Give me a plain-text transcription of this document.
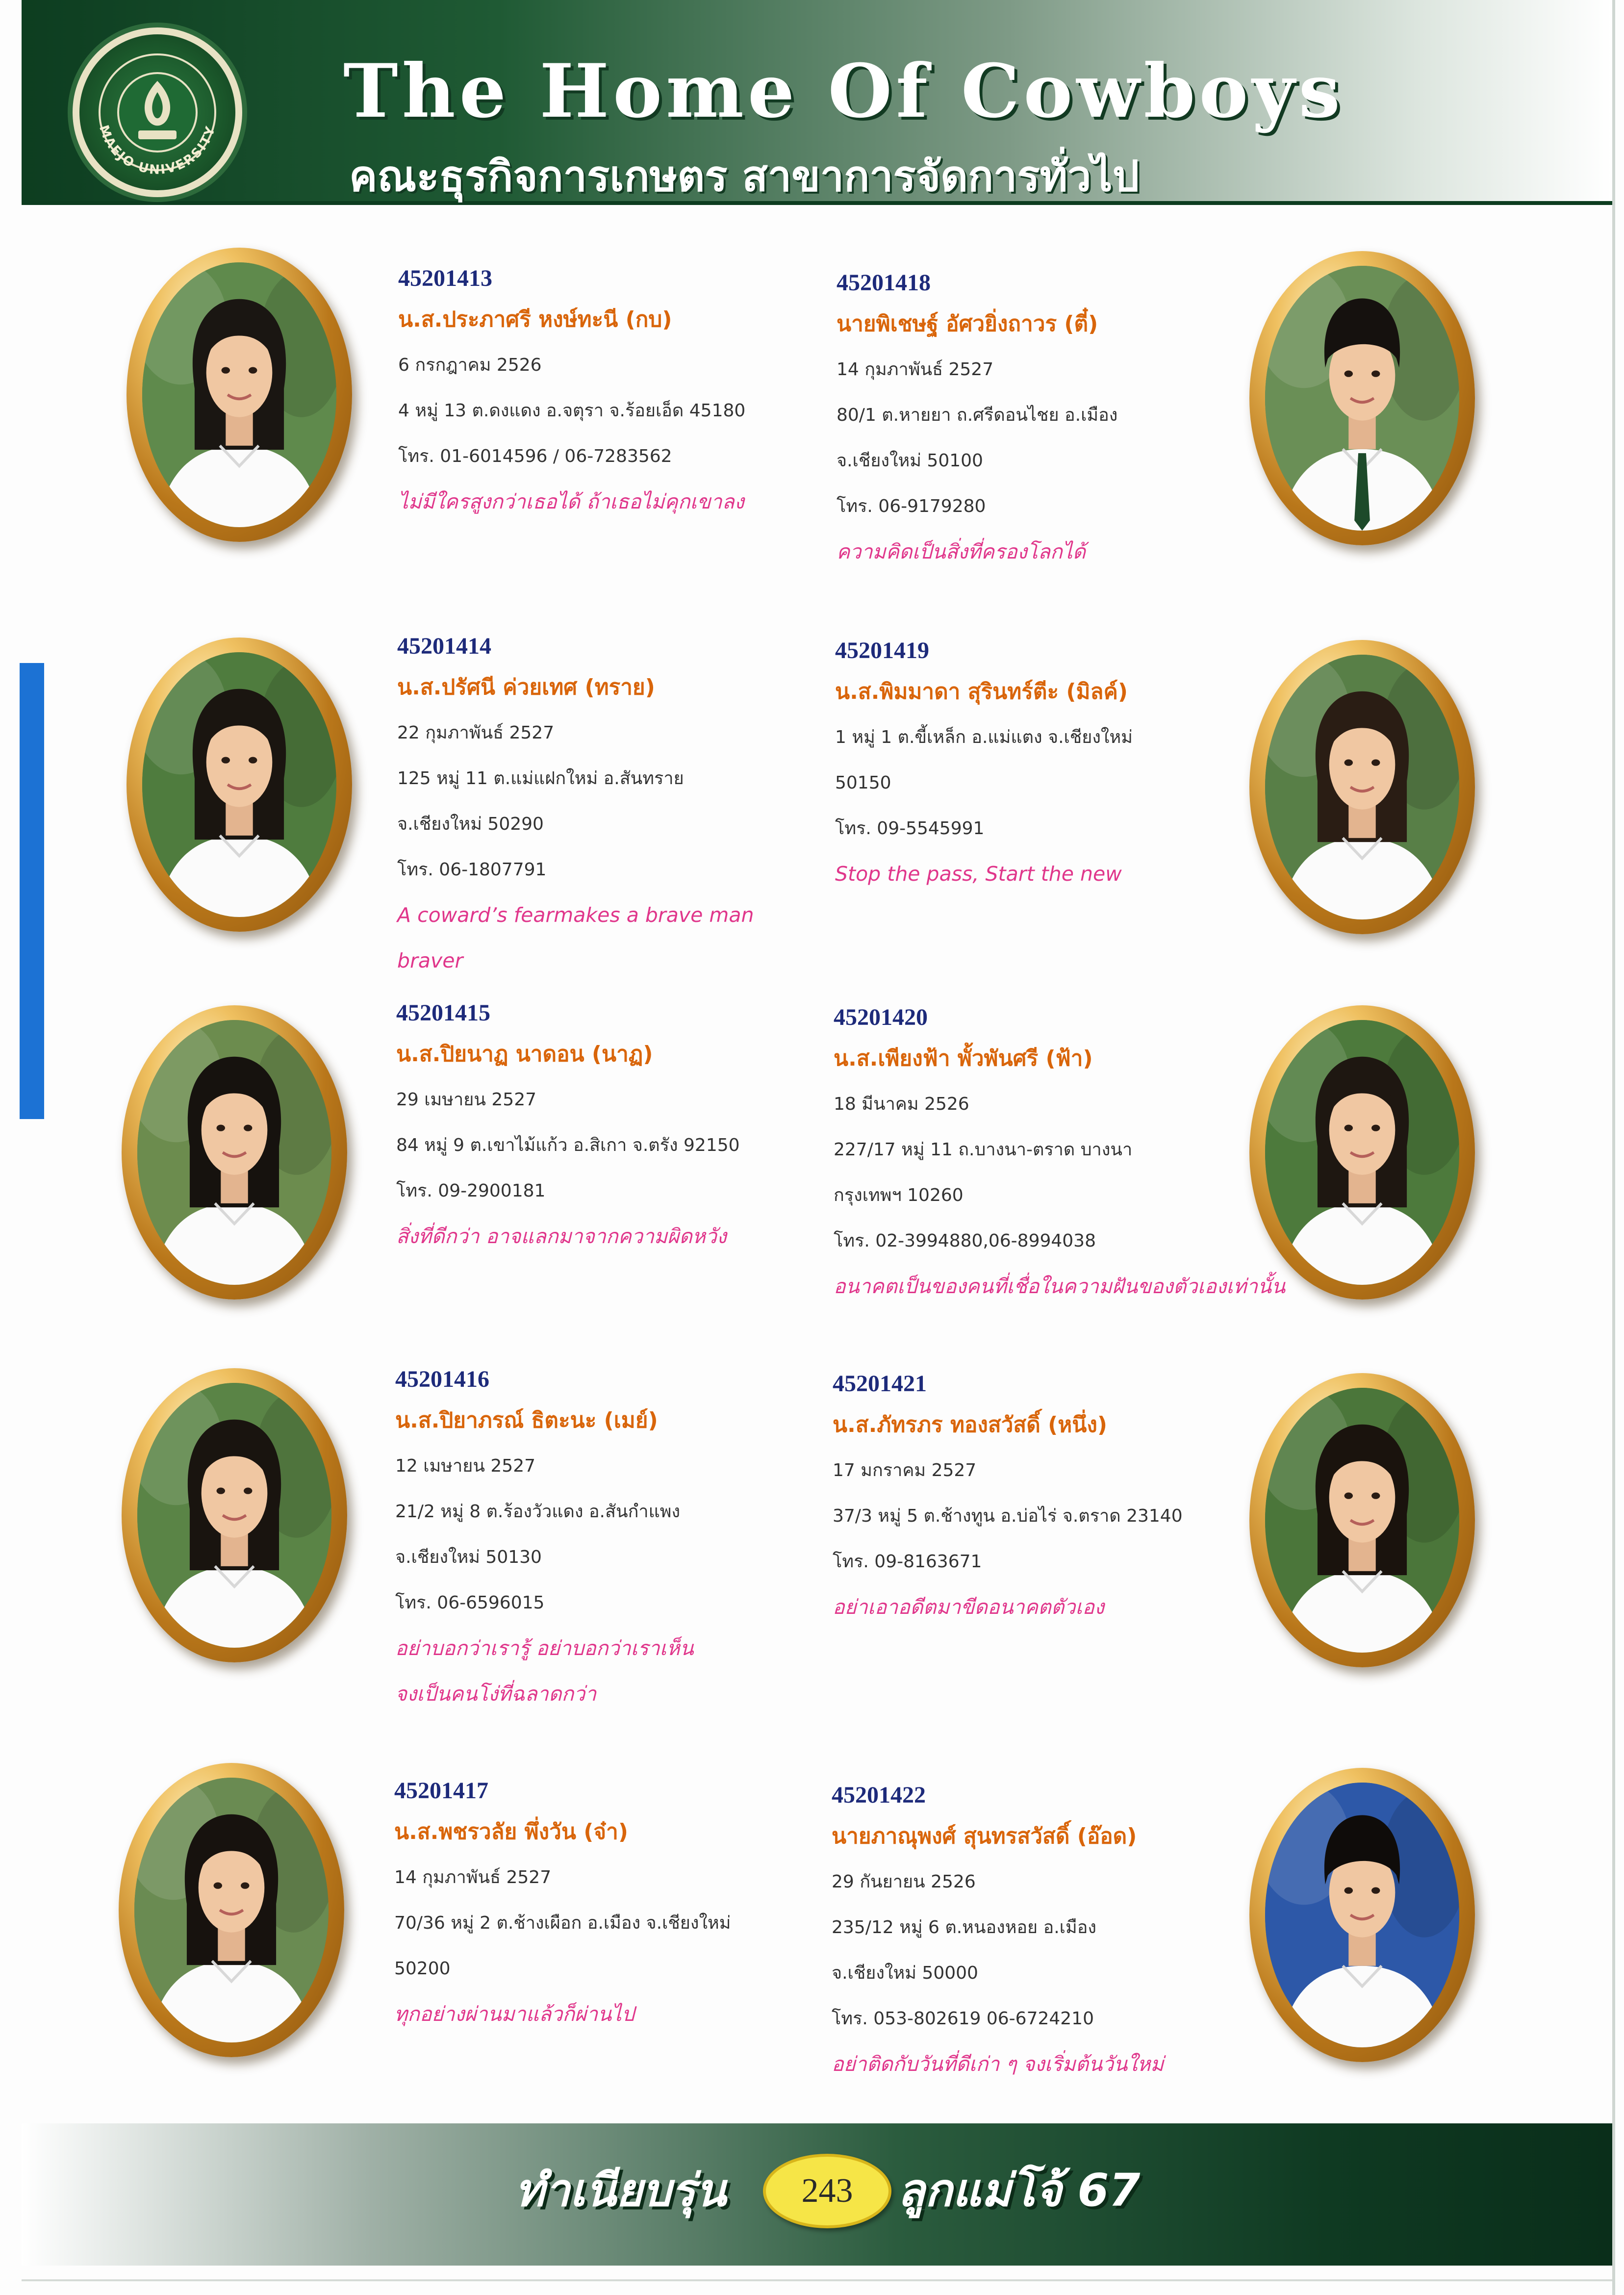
MAEJO UNIVERSITY The Home Of Cowboys
คณะธุรกิจการเกษตร สาขาการจัดการทั่วไป
45201413
น.ส.ประภาศรี หงษ์ทะนี (กบ)
6 กรกฎาคม 2526
4 หมู่ 13 ต.ดงแดง อ.จตุรา จ.ร้อยเอ็ด 45180
โทร. 01-6014596 / 06-7283562
ไม่มีใครสูงกว่าเธอได้ ถ้าเธอไม่คุกเขาลง
45201418
นายพิเชษฐ์ อัศวยิ่งถาวร (ตี๋)
14 กุมภาพันธ์ 2527
80/1 ต.หายยา ถ.ศรีดอนไชย อ.เมือง
จ.เชียงใหม่ 50100
โทร. 06-9179280
ความคิดเป็นสิ่งที่ครองโลกได้
45201414
น.ส.ปรัศนี ค่วยเทศ (ทราย)
22 กุมภาพันธ์ 2527
125 หมู่ 11 ต.แม่แฝกใหม่ อ.สันทราย
จ.เชียงใหม่ 50290
โทร. 06-1807791
A coward’s fearmakes a brave man
braver
45201419
น.ส.พิมมาดา สุรินทร์ตีะ (มิลค์)
1 หมู่ 1 ต.ขี้เหล็ก อ.แม่แตง จ.เชียงใหม่
50150
โทร. 09-5545991
Stop the pass, Start the new
45201415
น.ส.ปิยนาฏ นาดอน (นาฏ)
29 เมษายน 2527
84 หมู่ 9 ต.เขาไม้แก้ว อ.สิเกา จ.ตรัง 92150
โทร. 09-2900181
สิ่งที่ดีกว่า อาจแลกมาจากความผิดหวัง
45201420
น.ส.เพียงฟ้า พั้วพันศรี (ฟ้า)
18 มีนาคม 2526
227/17 หมู่ 11 ถ.บางนา-ตราด บางนา
กรุงเทพฯ 10260
โทร. 02-3994880,06-8994038
อนาคตเป็นของคนที่เชื่อในความฝันของตัวเองเท่านั้น
45201416
น.ส.ปิยาภรณ์ ธิตะนะ (เมย์)
12 เมษายน 2527
21/2 หมู่ 8 ต.ร้องวัวแดง อ.สันกำแพง
จ.เชียงใหม่ 50130
โทร. 06-6596015
อย่าบอกว่าเรารู้ อย่าบอกว่าเราเห็น
จงเป็นคนโง่ที่ฉลาดกว่า
45201421
น.ส.ภัทรภร ทองสวัสดิ์ (หนึ่ง)
17 มกราคม 2527
37/3 หมู่ 5 ต.ช้างทูน อ.บ่อไร่ จ.ตราด 23140
โทร. 09-8163671
อย่าเอาอดีตมาขีดอนาคตตัวเอง
45201417
น.ส.พชรวลัย พึ่งวัน (จ๋า)
14 กุมภาพันธ์ 2527
70/36 หมู่ 2 ต.ช้างเผือก อ.เมือง จ.เชียงใหม่
50200
ทุกอย่างผ่านมาแล้วก็ผ่านไป
45201422
นายภาณุพงศ์ สุนทรสวัสดิ์ (อ๊อด)
29 กันยายน 2526
235/12 หมู่ 6 ต.หนองหอย อ.เมือง
จ.เชียงใหม่ 50000
โทร. 053-802619 06-6724210
อย่าติดกับวันที่ดีเก่า ๆ จงเริ่มต้นวันใหม่
ทำเนียบรุ่น	243 ลูกแม่โจ้ 67
